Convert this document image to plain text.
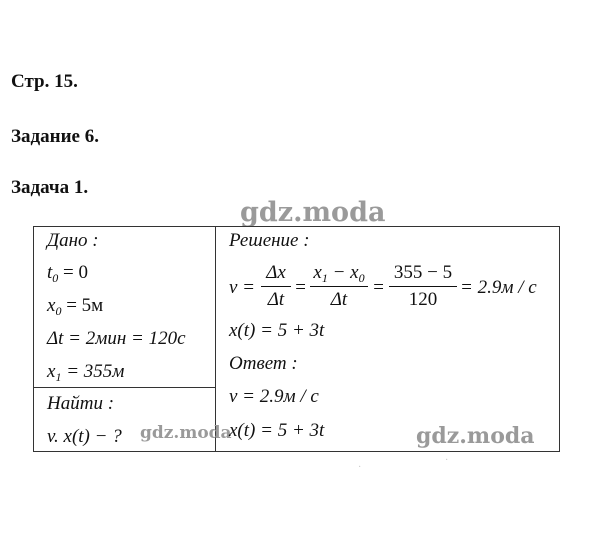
Стр. 15.
Задание 6.
Задача 1.
gdz.moda
Дано :
$t_0 = 0$
$x_0 = 5м$
Δt = 2мин = 120с
$x_1 = 355м$
Найти :
v. x(t) − ? gdz.moda
Решение :
v =
Δx
Δt
=
$x_1 - x_0$
Δt
=
355 − 5
120
= 2.9м / с
x(t) = 5 + 3t
Ответ :
v = 2.9м / с
x(t) = 5 + 3t	gdz.moda
·
·
